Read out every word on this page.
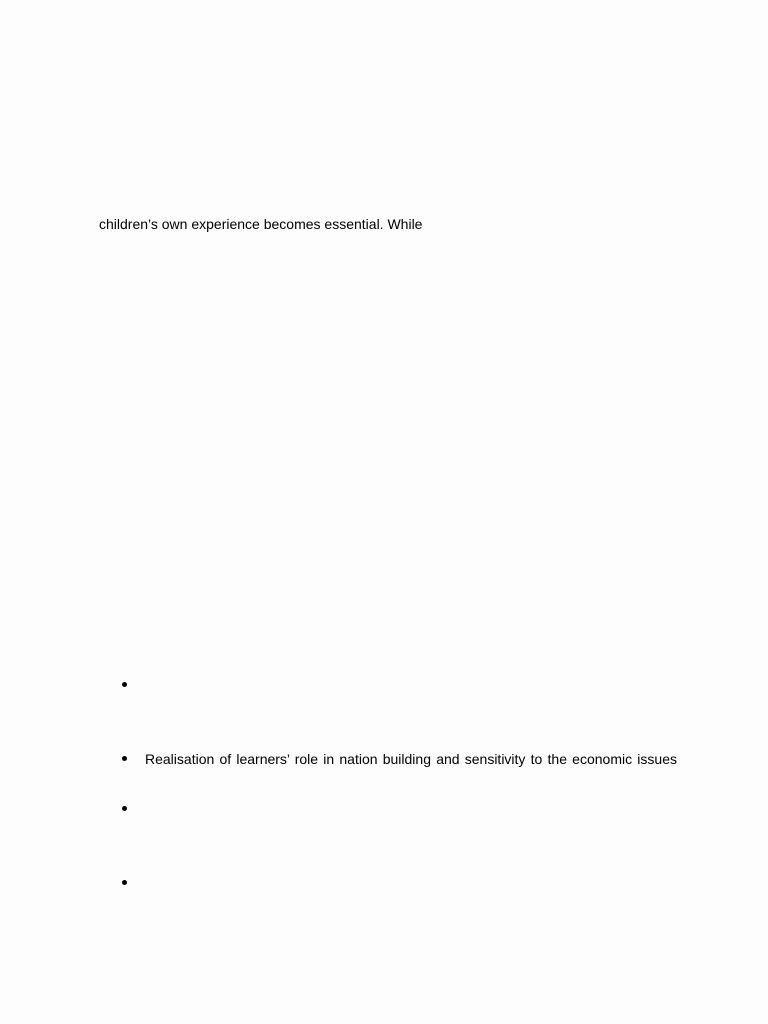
children’s own experience becomes essential. While
Realisation of learners’ role in nation building and sensitivity to the economic issues
